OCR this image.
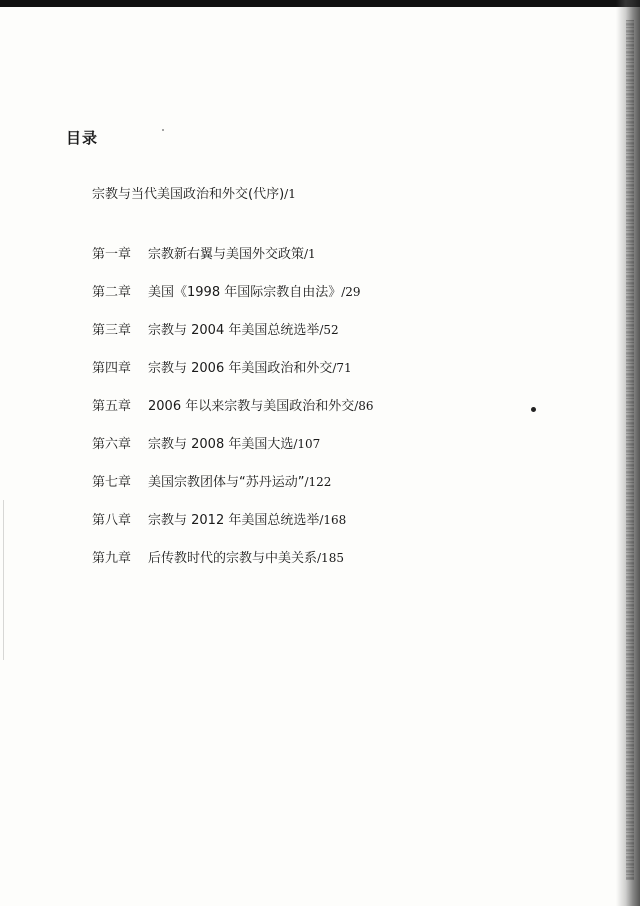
目录
宗教与当代美国政治和外交(代序)/1
第一章 宗教新右翼与美国外交政策/1
第二章 美国《1998 年国际宗教自由法》/29
第三章 宗教与 2004 年美国总统选举/52
第四章 宗教与 2006 年美国政治和外交/71
第五章 2006 年以来宗教与美国政治和外交/86
第六章 宗教与 2008 年美国大选/107
第七章 美国宗教团体与“苏丹运动”/122
第八章 宗教与 2012 年美国总统选举/168
第九章 后传教时代的宗教与中美关系/185
